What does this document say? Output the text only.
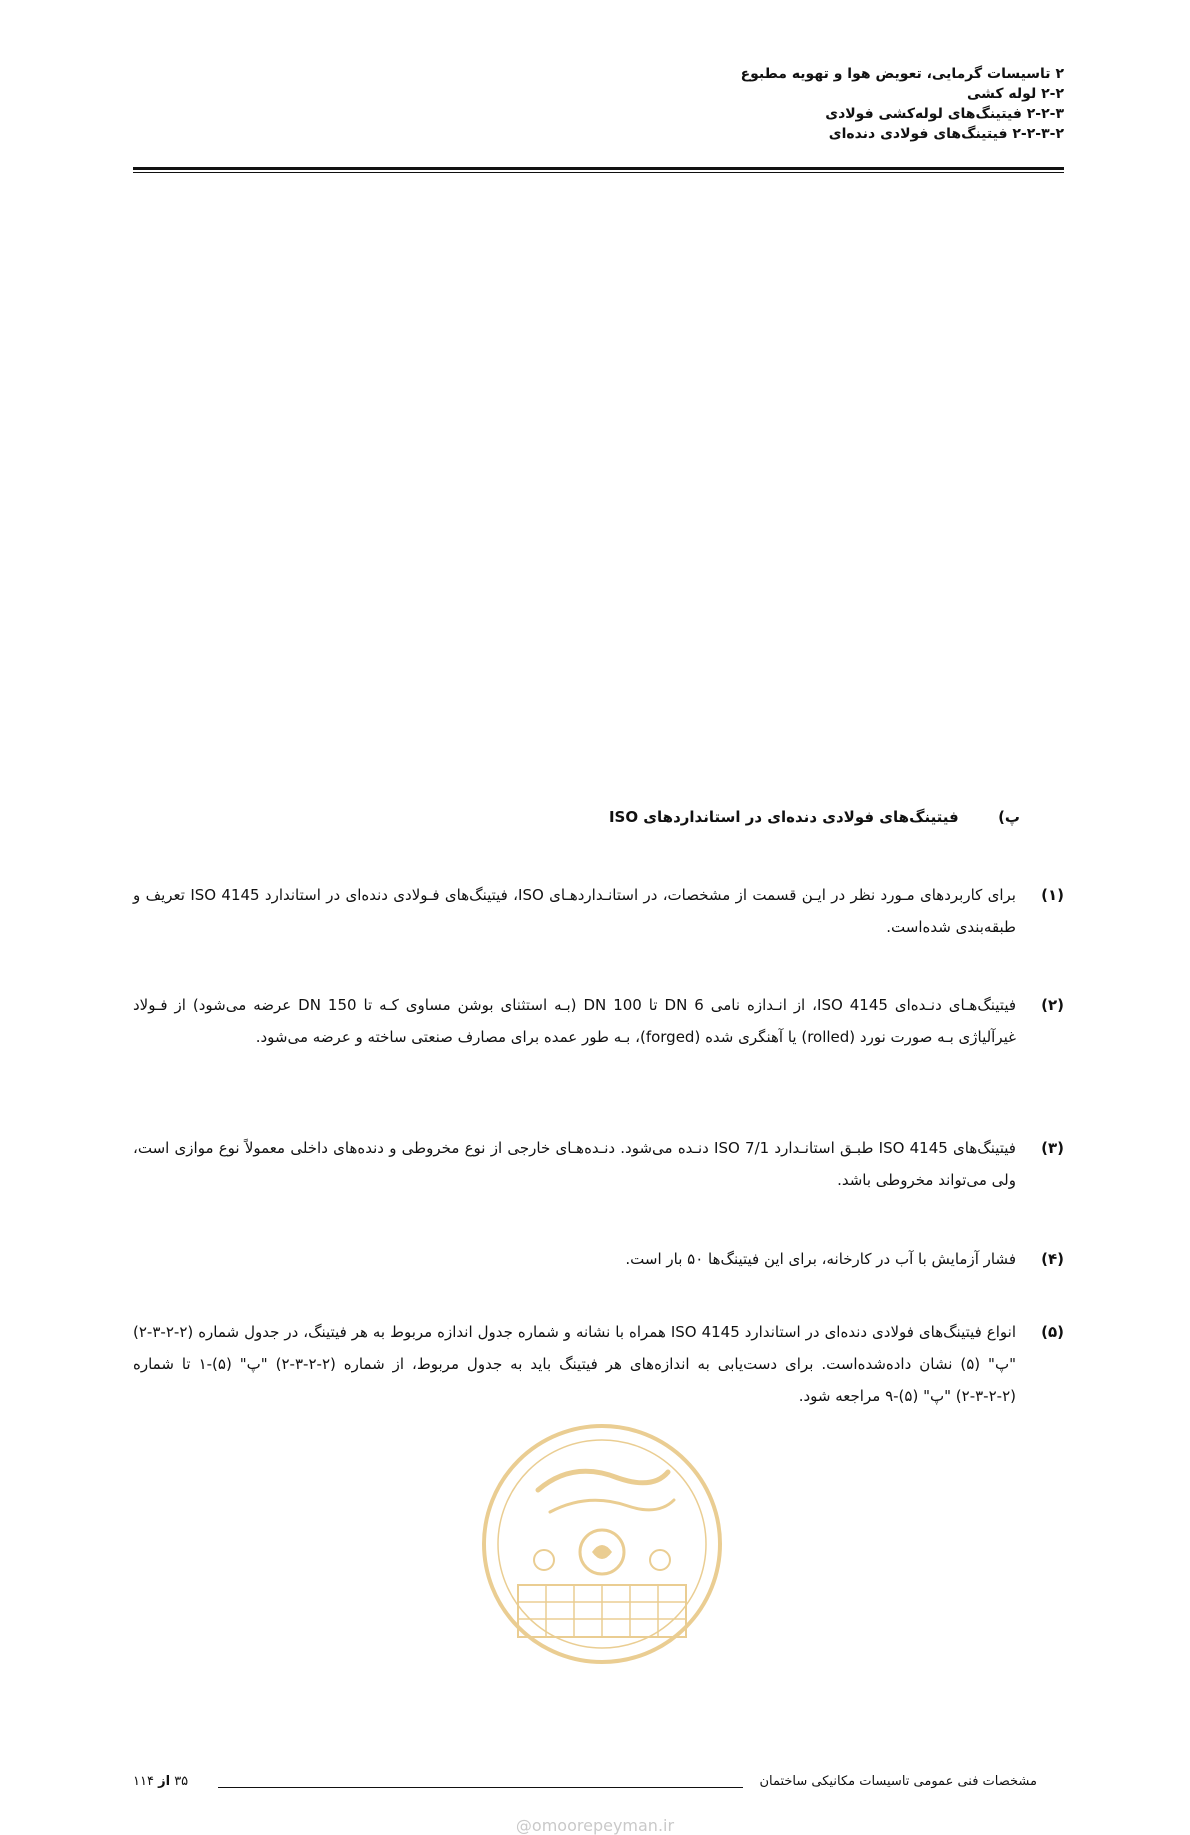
۲ تاسیسات گرمایی، تعویض هوا و تهویه مطبوع
۲-۲ لوله کشی
۲-۲-۳ فیتینگ‌های لوله‌کشی فولادی
۲-۲-۳-۲ فیتینگ‌های فولادی دنده‌ای
پ) فیتینگ‌های فولادی دنده‌ای در استانداردهای ISO
(۱)
برای کاربردهای مـورد نظر در ایـن قسمت از مشخصات، در استانـداردهـای ISO، فیتینگ‌های فـولادی دنده‌ای در استاندارد ISO 4145 تعریف و طبقه‌بندی شده‌است.
(۲)
فیتینگ‌هـای دنـده‌ای ISO 4145، از انـدازه نامی DN 6 تا DN 100 (بـه استثنای بوشن مساوی کـه تا DN 150 عرضه می‌شود) از فـولاد غیرآلیاژی بـه صورت نورد (rolled) یا آهنگری شده (forged)، بـه طور عمده برای مصارف صنعتی ساخته و عرضه می‌شود.
(۳)
فیتینگ‌های ISO 4145 طبـق استانـدارد ISO 7/1 دنـده می‌شود. دنـده‌هـای خارجی از نوع مخروطی و دنده‌های داخلی معمولاً نوع موازی است، ولی می‌تواند مخروطی باشد.
(۴)
فشار آزمایش با آب در کارخانه، برای این فیتینگ‌ها ۵۰ بار است.
(۵)
انواع فیتینگ‌های فولادی دنده‌ای در استاندارد ISO 4145 همراه با نشانه و شماره جدول اندازه مربوط به هر فیتینگ، در جدول شماره (۲-۲-۳-۲) "پ" (۵) نشان داده‌شده‌است. برای دست‌یابی به اندازه‌های هر فیتینگ باید به جدول مربوط، از شماره (۲-۲-۳-۲) "پ" (۵)-۱ تا شماره (۲-۲-۳-۲) "پ" (۵)-۹ مراجعه شود.
مشخصات فنی عمومی تاسیسات مکانیکی ساختمان
۳۵ از ۱۱۴
@omoorepeyman.ir
